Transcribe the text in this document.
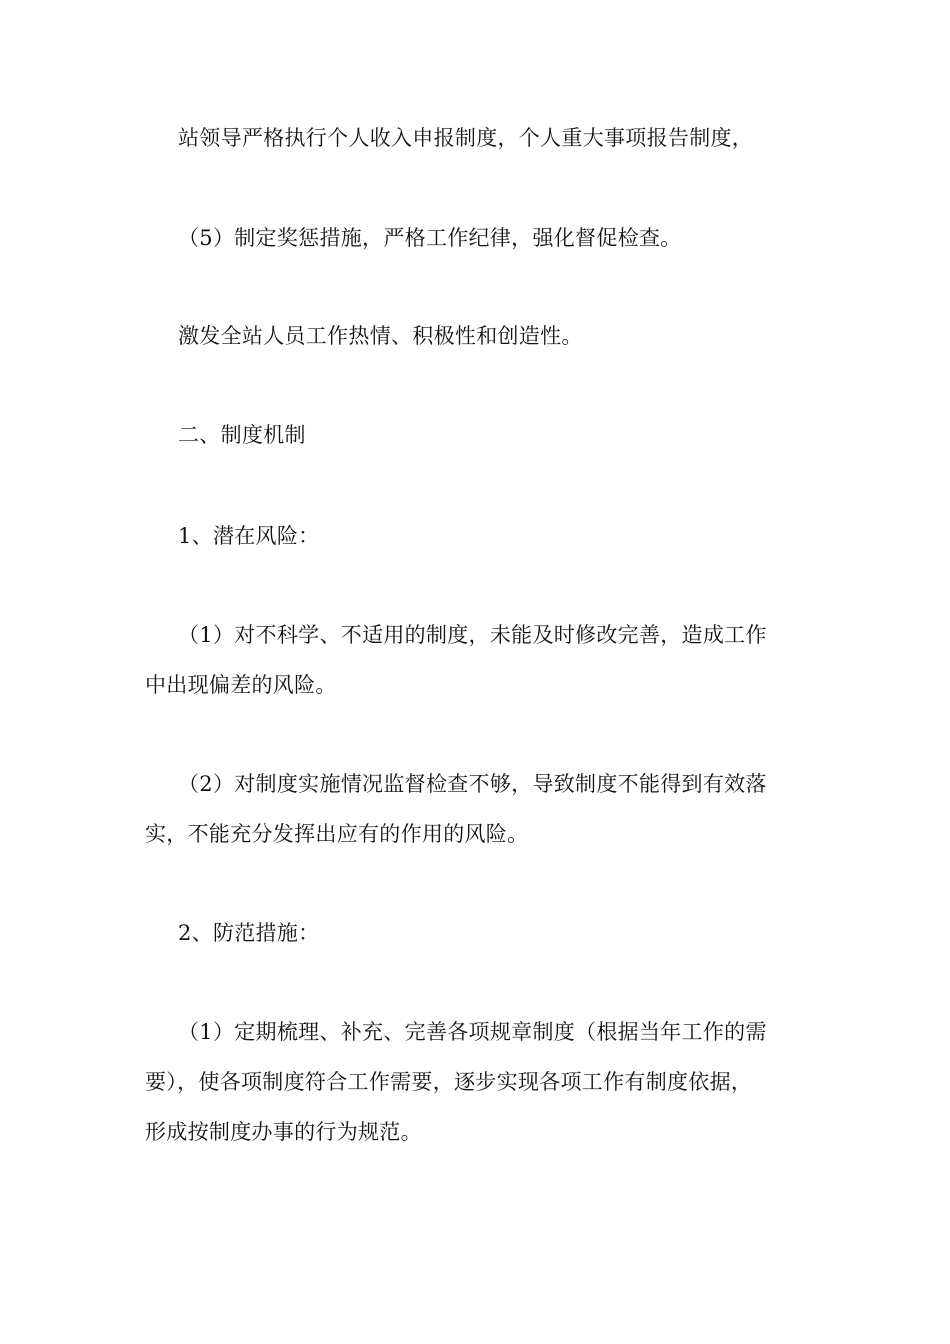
站领导严格执行个人收入申报制度，个人重大事项报告制度，
（5）制定奖惩措施，严格工作纪律，强化督促检查。
激发全站人员工作热情、积极性和创造性。
二、制度机制
1、潜在风险：
（1）对不科学、不适用的制度，未能及时修改完善，造成工作
中出现偏差的风险。
（2）对制度实施情况监督检查不够，导致制度不能得到有效落
实，不能充分发挥出应有的作用的风险。
2、防范措施：
（1）定期梳理、补充、完善各项规章制度（根据当年工作的需
要），使各项制度符合工作需要，逐步实现各项工作有制度依据，
形成按制度办事的行为规范。
